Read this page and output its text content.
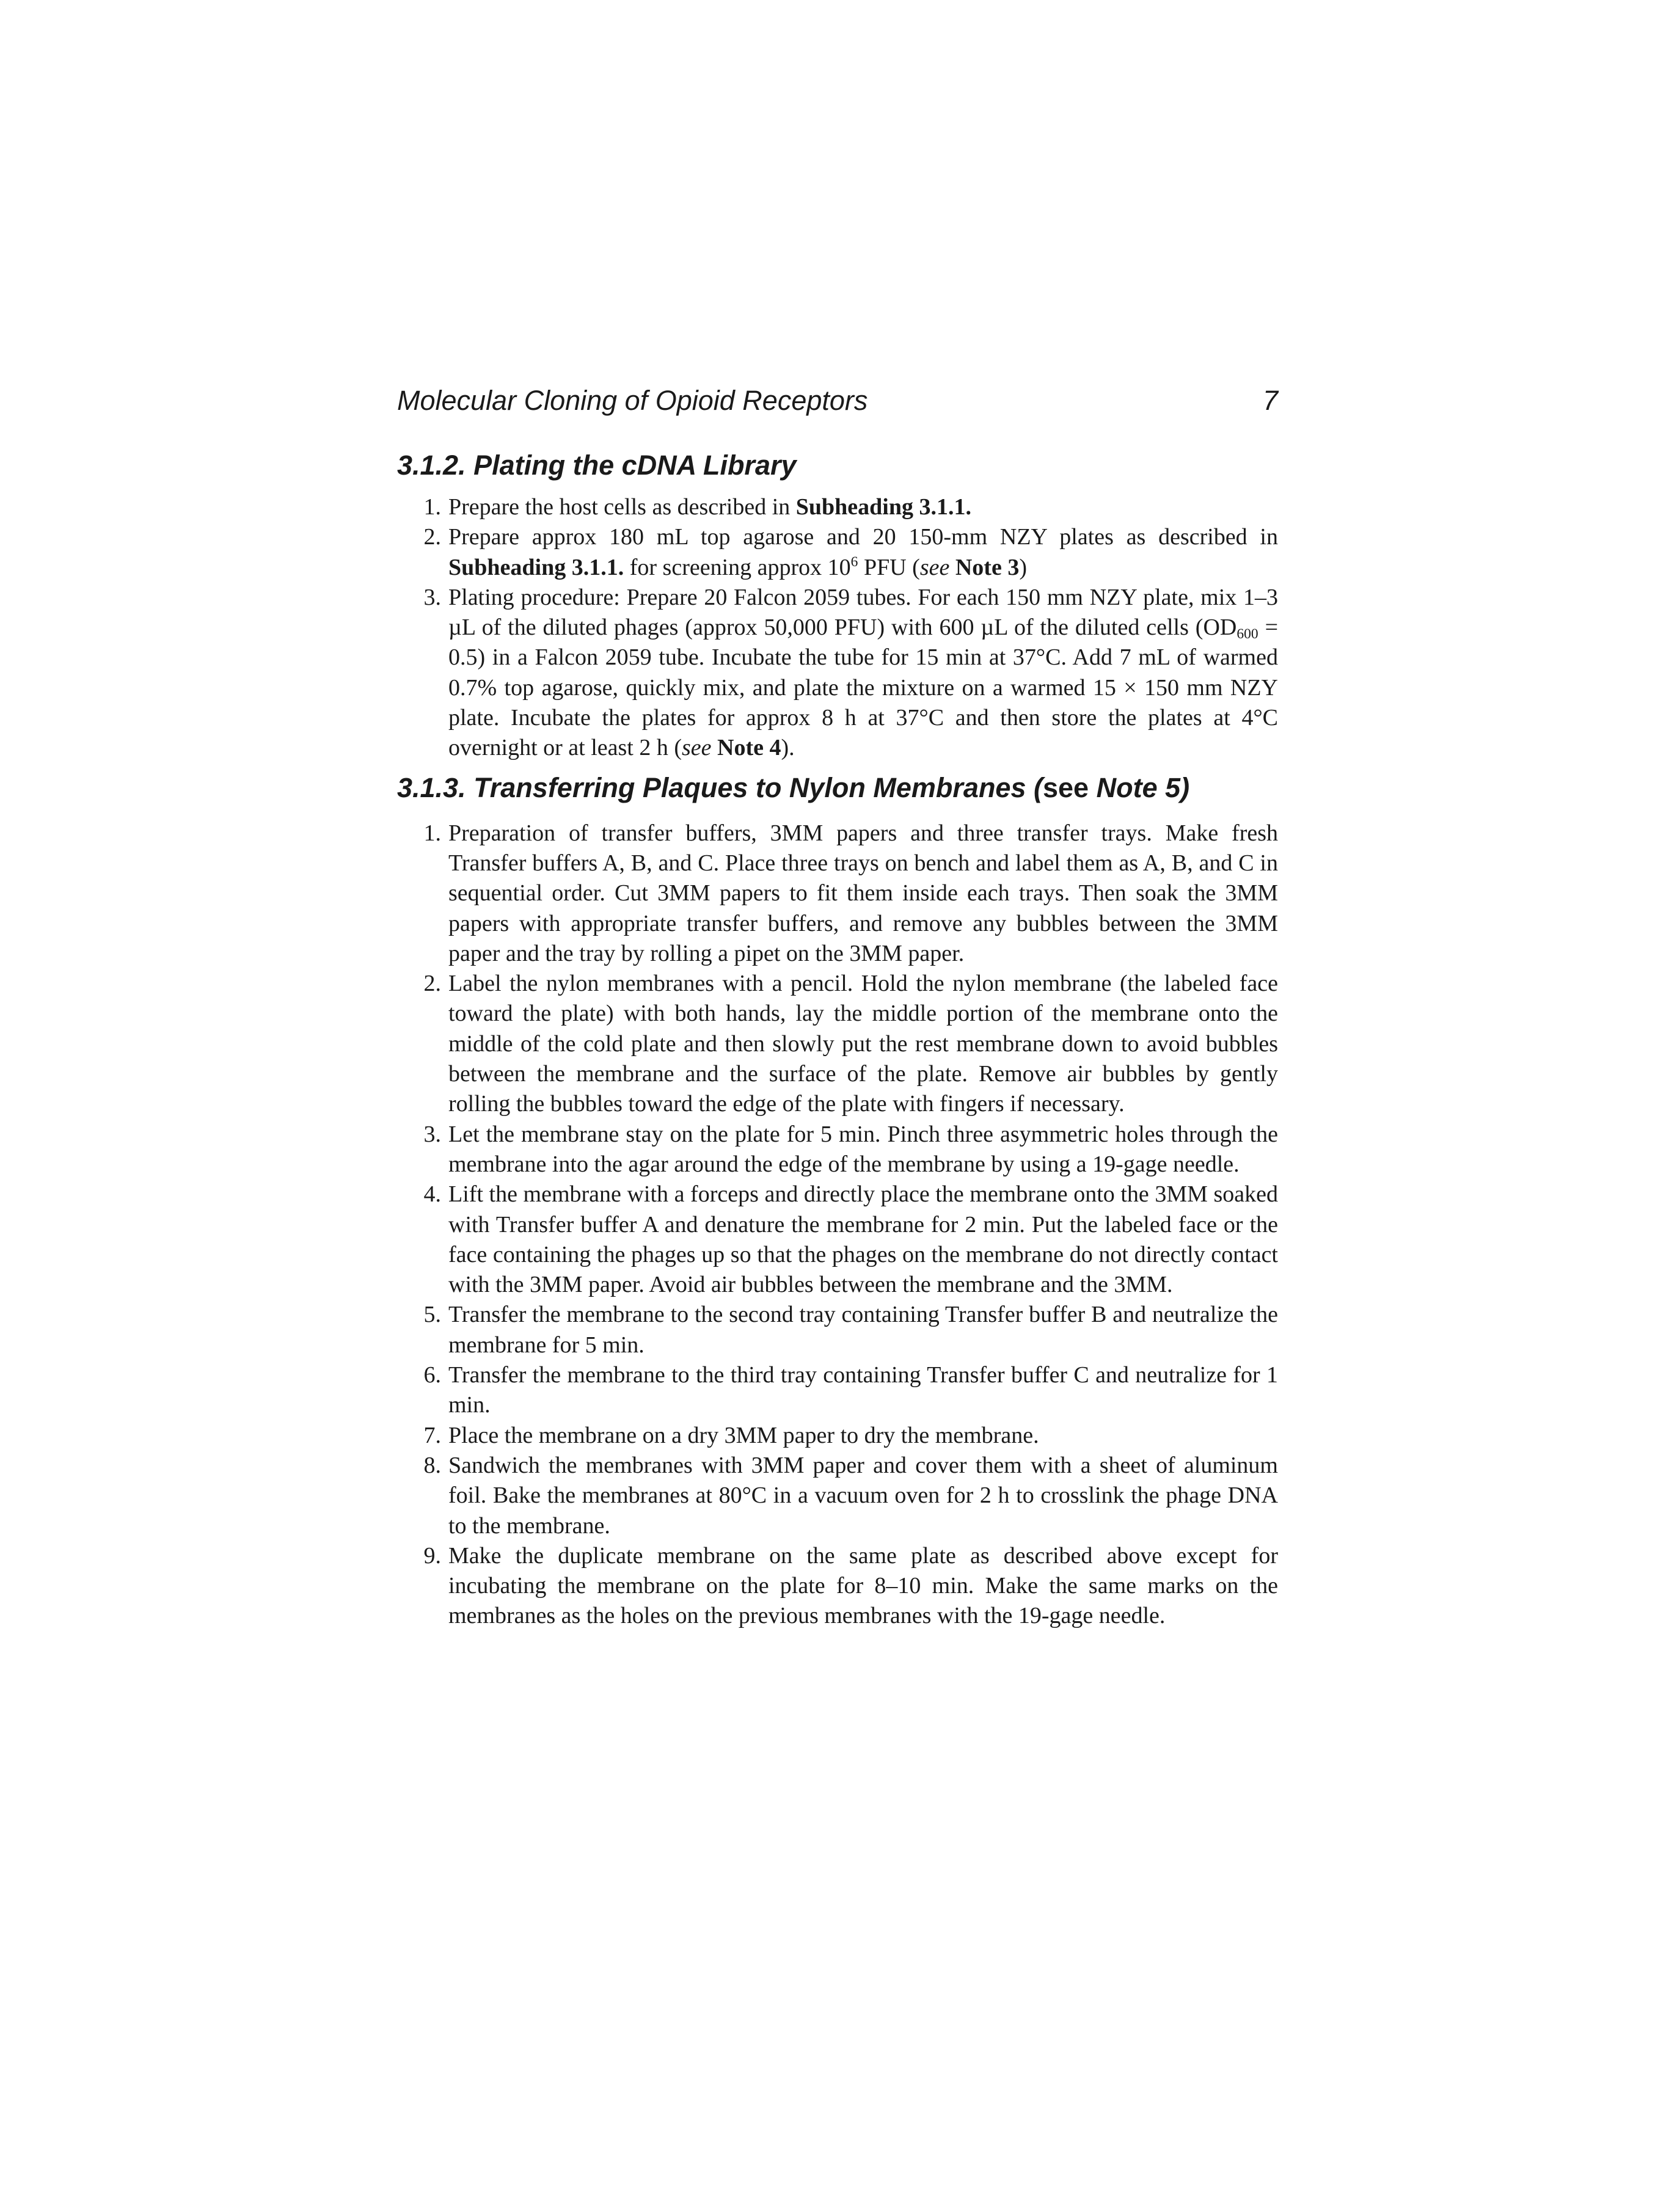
Molecular Cloning of Opioid Receptors	7
3.1.2. Plating the cDNA Library
1. Prepare the host cells as described in Subheading 3.1.1.
2. Prepare approx 180 mL top agarose and 20 150-mm NZY plates as described in Subheading 3.1.1. for screening approx $10^6$ PFU (see Note 3)
3. Plating procedure: Prepare 20 Falcon 2059 tubes. For each 150 mm NZY plate, mix 1–3 µL of the diluted phages (approx 50,000 PFU) with 600 µL of the diluted cells $(OD_{600} = 0.5)$ in a Falcon 2059 tube. Incubate the tube for 15 min at 37°C. Add 7 mL of warmed 0.7% top agarose, quickly mix, and plate the mixture on a warmed 15 × 150 mm NZY plate. Incubate the plates for approx 8 h at 37°C and then store the plates at 4°C overnight or at least 2 h (see Note 4).
3.1.3. Transferring Plaques to Nylon Membranes (see Note 5)
1. Preparation of transfer buffers, 3MM papers and three transfer trays. Make fresh Transfer buffers A, B, and C. Place three trays on bench and label them as A, B, and C in sequential order. Cut 3MM papers to fit them inside each trays. Then soak the 3MM papers with appropriate transfer buffers, and remove any bubbles between the 3MM paper and the tray by rolling a pipet on the 3MM paper.
2. Label the nylon membranes with a pencil. Hold the nylon membrane (the labeled face toward the plate) with both hands, lay the middle portion of the membrane onto the middle of the cold plate and then slowly put the rest membrane down to avoid bubbles between the membrane and the surface of the plate. Remove air bubbles by gently rolling the bubbles toward the edge of the plate with fingers if necessary.
3. Let the membrane stay on the plate for 5 min. Pinch three asymmetric holes through the membrane into the agar around the edge of the membrane by using a 19-gage needle.
4. Lift the membrane with a forceps and directly place the membrane onto the 3MM soaked with Transfer buffer A and denature the membrane for 2 min. Put the labeled face or the face containing the phages up so that the phages on the membrane do not directly contact with the 3MM paper. Avoid air bubbles between the membrane and the 3MM.
5. Transfer the membrane to the second tray containing Transfer buffer B and neutralize the membrane for 5 min.
6. Transfer the membrane to the third tray containing Transfer buffer C and neutralize for 1 min.
7. Place the membrane on a dry 3MM paper to dry the membrane.
8. Sandwich the membranes with 3MM paper and cover them with a sheet of aluminum foil. Bake the membranes at 80°C in a vacuum oven for 2 h to crosslink the phage DNA to the membrane.
9. Make the duplicate membrane on the same plate as described above except for incubating the membrane on the plate for 8–10 min. Make the same marks on the membranes as the holes on the previous membranes with the 19-gage needle.
